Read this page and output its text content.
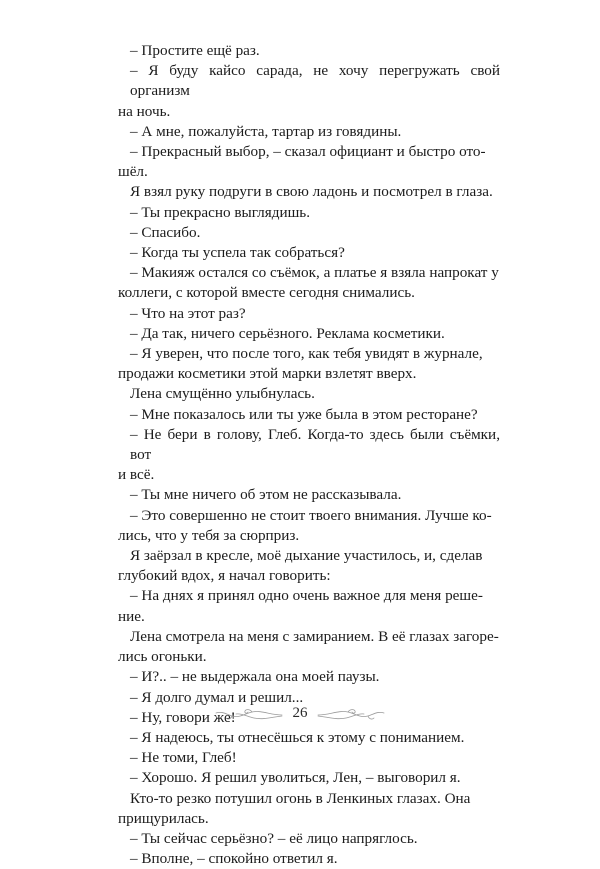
– Простите ещё раз.
– Я буду кайсо сарада, не хочу перегружать свой организм
на ночь.
– А мне, пожалуйста, тартар из говядины.
– Прекрасный выбор, – сказал официант и быстро ото-
шёл.
Я взял руку подруги в свою ладонь и посмотрел в глаза.
– Ты прекрасно выглядишь.
– Спасибо.
– Когда ты успела так собраться?
– Макияж остался со съёмок, а платье я взяла напрокат у
коллеги, с которой вместе сегодня снимались.
– Что на этот раз?
– Да так, ничего серьёзного. Реклама косметики.
– Я уверен, что после того, как тебя увидят в журнале,
продажи косметики этой марки взлетят вверх.
Лена смущённо улыбнулась.
– Мне показалось или ты уже была в этом ресторане?
– Не бери в голову, Глеб. Когда-то здесь были съёмки, вот
и всё.
– Ты мне ничего об этом не рассказывала.
– Это совершенно не стоит твоего внимания. Лучше ко-
лись, что у тебя за сюрприз.
Я заёрзал в кресле, моё дыхание участилось, и, сделав
глубокий вдох, я начал говорить:
– На днях я принял одно очень важное для меня реше-
ние.
Лена смотрела на меня с замиранием. В её глазах загоре-
лись огоньки.
– И?.. – не выдержала она моей паузы.
– Я долго думал и решил...
– Ну, говори же!
– Я надеюсь, ты отнесёшься к этому с пониманием.
– Не томи, Глеб!
– Хорошо. Я решил уволиться, Лен, – выговорил я.
Кто-то резко потушил огонь в Ленкиных глазах. Она
прищурилась.
– Ты сейчас серьёзно? – её лицо напряглось.
– Вполне, – спокойно ответил я.
26
